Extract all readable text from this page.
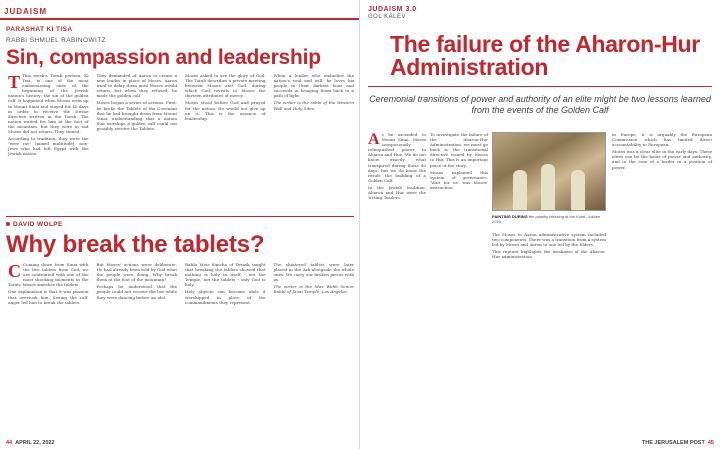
JUDAISM
PARASHAT KI TISA
RABBI SHMUEL RABINOWITZ
Sin, compassion and leadership

T This week's Torah portion, Ki Tisa, is one of the most embarrassing ones of the beginning of the Jewish nation's history: the sin of the golden calf. It happened when Moses went up to Mount Sinai and stayed for 40 days in order to receive the Divine directive written in the Torah. The nation waited for him at the foot of the mountain, but they were in sad Moses did not return. They sinned.

According to tradition, they were the "erev rav" (mixed multitude), non-Jews who had left Egypt with the Jewish nation.

They demanded of Aaron to create a new leader in place of Moses. Aaron tried to delay them until Moses would return, but when they refused, he made the golden calf.

Moses began a series of actions. First, he broke the Tablets of the Covenant that he had brought down from Mount Sinai, understanding that a nation that worships a golden calf could not possibly receive the Tablets.

Moses asked to see the glory of God. The Torah describes a private meeting between Moses and God, during which God reveals to Moses the thirteen attributes of mercy.

Moses stood before God and prayed for the nation. He would not give up on it. This is the essence of leadership.

When a leader who embodies the nation's soul and will, he loves his people in their darkest hour and succeeds in bringing them back to a path of light.

The writer is the rabbi of the Western Wall and Holy Sites.

DAVID WOLPE
Why break the tablets?

C Coming down from Sinai with the two tablets from God, we are confronted with one of the most shocking moments in the Torah: Moses smashes the tablets.

One explanation is that it was passion that overtook him. Seeing the calf, anger led him to break the tablets.

But Moses' actions were deliberate. He had already been told by God what the people were doing. Why break them at the foot of the mountain?

Perhaps he understood that the people could not receive the law while they were dancing before an idol.

Rabbi Meir Simcha of Dvinsk taught that breaking the tablets showed that nothing is holy in itself - not the Temple, not the tablets - only God is holy.

Holy objects can become idols if worshipped in place of the commandments they represent.

The shattered tablets were later placed in the Ark alongside the whole ones. We carry our broken pieces with us.

The writer is the Max Webb Senior Rabbi of Sinai Temple, Los Angeles.

44 APRIL 22, 2022
JUDAISM 3.0
GOL KALEV
The failure of the Aharon-Hur Administration
Ceremonial transitions of power and authority of an elite might be two lessons learned from the events of the Golden Calf

As he ascended to Mount Sinai, Moses conspicuously relinquished power to Aharon and Hur. 'We do not know exactly what transpired during those 40 days, but we do know the result: the building of a Golden Calf.

In the Jewish tradition, Aharon and Hur were the 'acting' leaders.

To investigate the failure of the Aharon-Hur Administration, we must go back to the transitional directive issued by Moses to Hur. This is an important piece of the story.

Moses explained this system of governance. 'Wait for us' was Moses' instruction.

PAINTING DURING the priestly blessing at the Kotel, Jubilee 2016.

The Moses to Aaron administrative system included two components. There was a transition from a system led by Moses and Aaron to one led by the Elders.

This rupture highlights the weakness of the Aharon-Hur administration.

in Europe, it is arguably the European Commission which has limited direct accountability to European.

Moses was a clear elite in the early days. These elites can be the heart of power and authority, and in the case of a leader in a position of power.

THE JERUSALEM POST 45
